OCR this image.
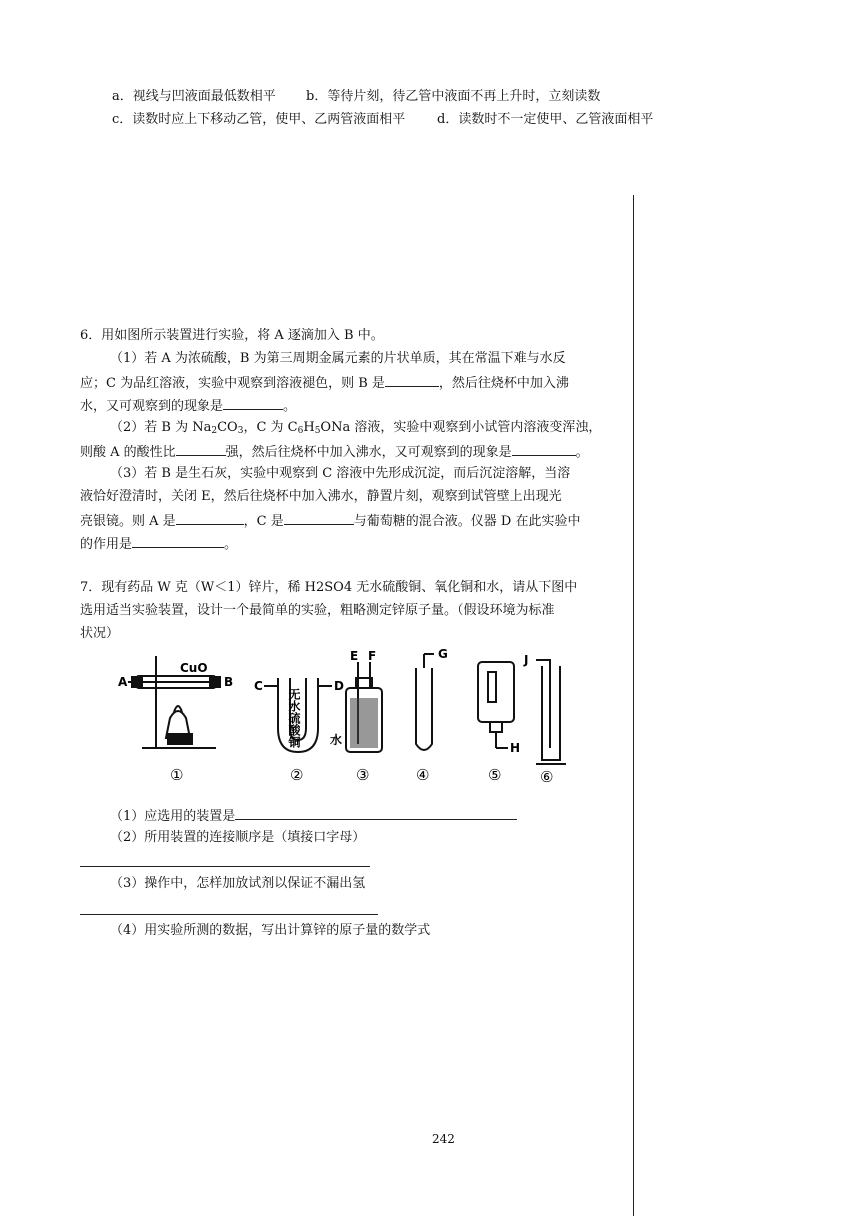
a．视线与凹液面最低数相平 b．等待片刻，待乙管中液面不再上升时，立刻读数
c．读数时应上下移动乙管，使甲、乙两管液面相平 d．读数时不一定使甲、乙管液面相平
6．用如图所示装置进行实验，将 A 逐滴加入 B 中。
（1）若 A 为浓硫酸，B 为第三周期金属元素的片状单质，其在常温下难与水反
应；C 为品红溶液，实验中观察到溶液褪色，则 B 是	，然后往烧杯中加入沸
水，又可观察到的现象是	。
（2）若 B 为 $Na_2CO_3$，C 为 $C_6H_5ONa$ 溶液，实验中观察到小试管内溶液变浑浊，
则酸 A 的酸性比	强，然后往烧杯中加入沸水，又可观察到的现象是	。
（3）若 B 是生石灰，实验中观察到 C 溶液中先形成沉淀，而后沉淀溶解，当溶
液恰好澄清时，关闭 E，然后往烧杯中加入沸水，静置片刻，观察到试管壁上出现光
亮银镜。则 A 是	，C 是	与葡萄糖的混合液。仪器 D 在此实验中
的作用是	。
7．现有药品 W 克（W＜1）锌片，稀 H2SO4 无水硫酸铜、氧化铜和水，请从下图中
选用适当实验装置，设计一个最简单的实验，粗略测定锌原子量。（假设环境为标准
状况）
CuO
A	B C	D
E F	G
H
J
无水硫酸铜 水
①	②	③	④	⑤	⑥
（1）应选用的装置是
（2）所用装置的连接顺序是（填接口字母）
（3）操作中，怎样加放试剂以保证不漏出氢
（4）用实验所测的数据，写出计算锌的原子量的数学式
242
